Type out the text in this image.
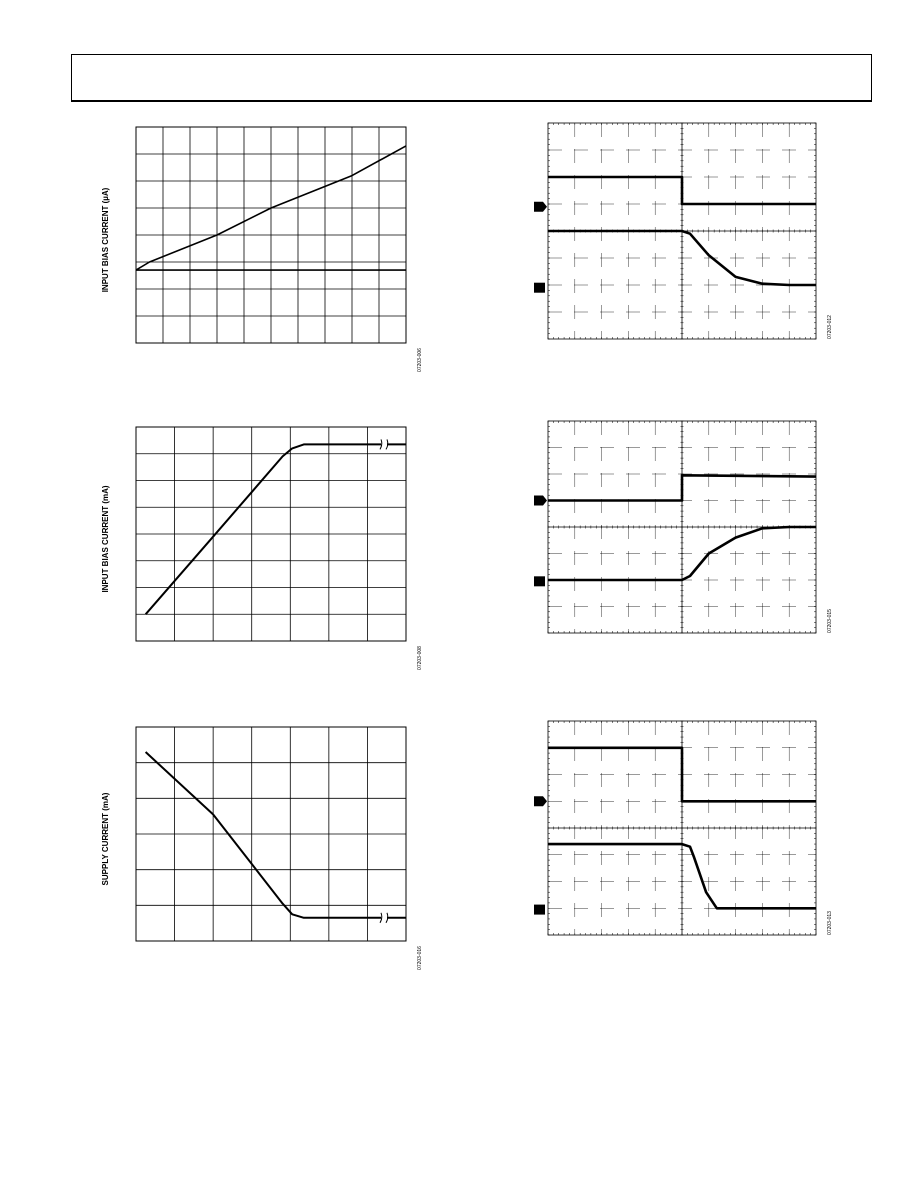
INPUT BIAS CURRENT (µA)
07203-006
INPUT BIAS CURRENT (mA)
07203-008
SUPPLY CURRENT (mA)
07203-016
07203-012
07203-015
07203-013
